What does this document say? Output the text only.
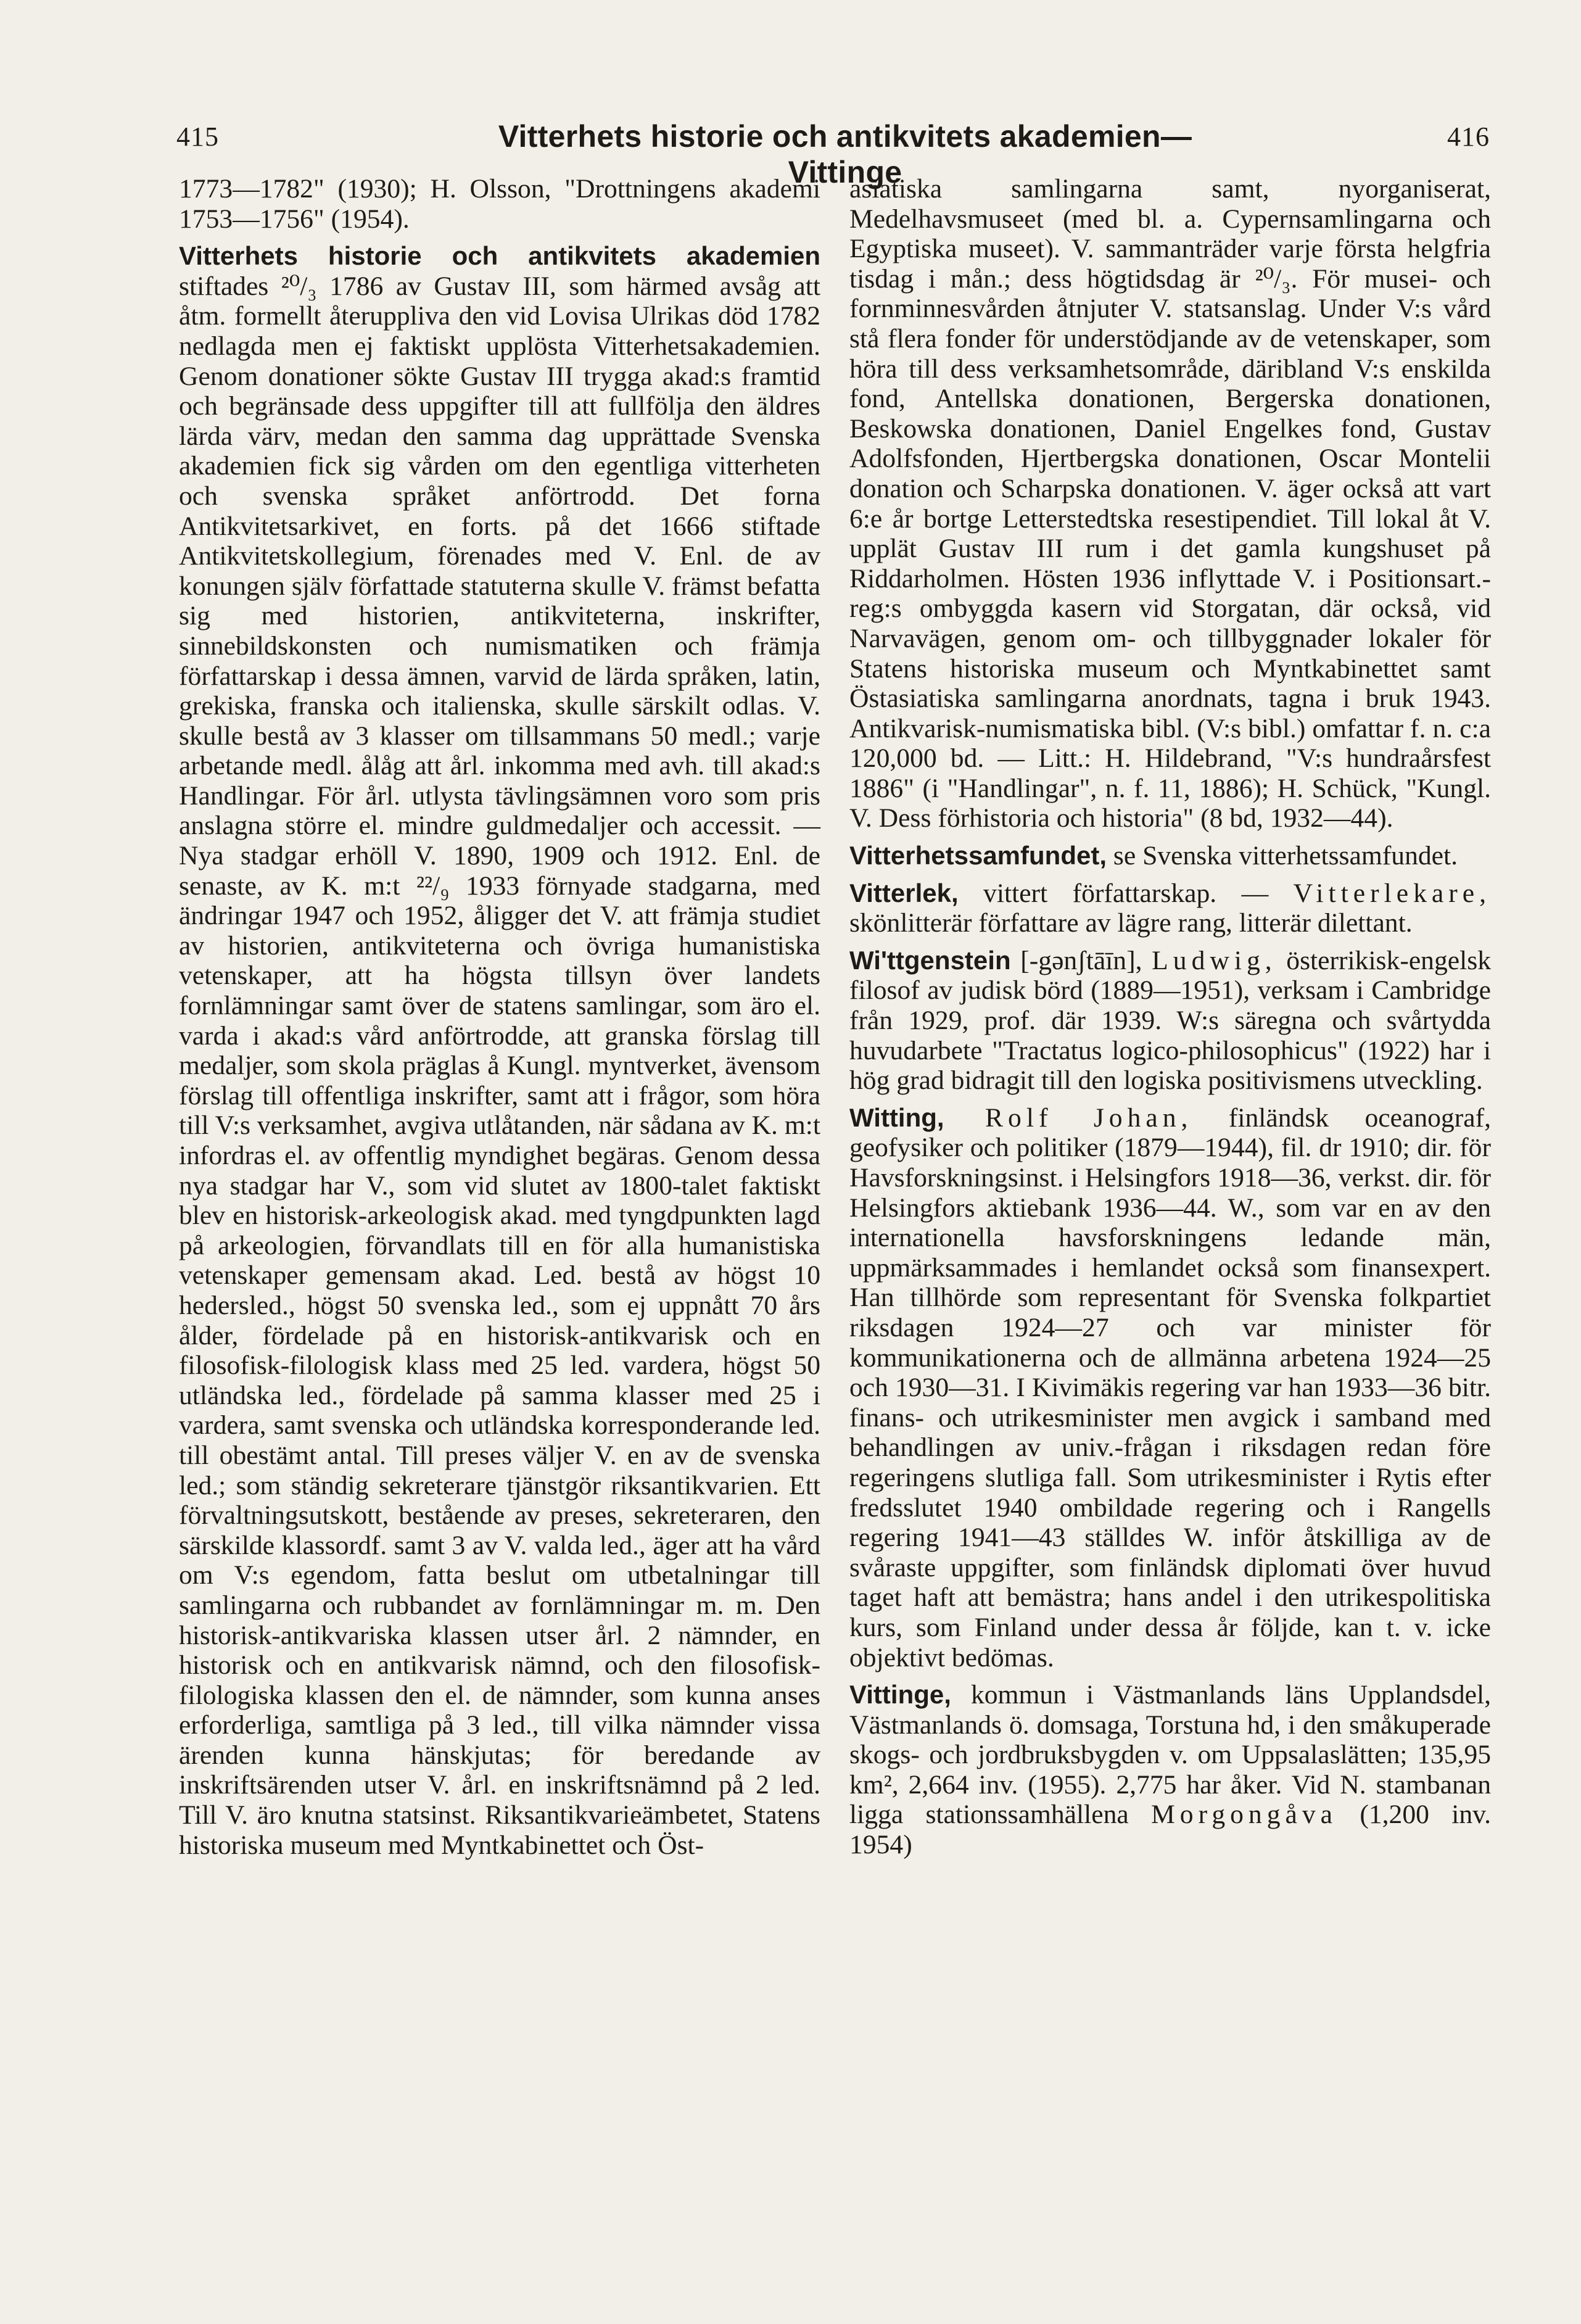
415	Vitterhets historie och antikvitets akademien—Vittinge
416

1773—1782" (1930); H. Olsson, "Drottningens akademi 1753—1756" (1954).

Vitterhets historie och antikvitets akademien stiftades ²⁰/₃ 1786 av Gustav III, som härmed avsåg att åtm. formellt återuppliva den vid Lovisa Ulrikas död 1782 nedlagda men ej faktiskt upplösta Vitterhetsakademien. Genom donationer sökte Gustav III trygga akad:s framtid och begränsade dess uppgifter till att fullfölja den äldres lärda värv, medan den samma dag upprättade Svenska akademien fick sig vården om den egentliga vitterheten och svenska språket anförtrodd. Det forna Antikvitetsarkivet, en forts. på det 1666 stiftade Antikvitetskollegium, förenades med V. Enl. de av konungen själv författade statuterna skulle V. främst befatta sig med historien, antikviteterna, inskrifter, sinnebildskonsten och numismatiken och främja författarskap i dessa ämnen, varvid de lärda språken, latin, grekiska, franska och italienska, skulle särskilt odlas. V. skulle bestå av 3 klasser om tillsammans 50 medl.; varje arbetande medl. ålåg att årl. inkomma med avh. till akad:s Handlingar. För årl. utlysta tävlingsämnen voro som pris anslagna större el. mindre guldmedaljer och accessit. — Nya stadgar erhöll V. 1890, 1909 och 1912. Enl. de senaste, av K. m:t ²²/₉ 1933 förnyade stadgarna, med ändringar 1947 och 1952, åligger det V. att främja studiet av historien, antikviteterna och övriga humanistiska vetenskaper, att ha högsta tillsyn över landets fornlämningar samt över de statens samlingar, som äro el. varda i akad:s vård anförtrodde, att granska förslag till medaljer, som skola präglas å Kungl. myntverket, ävensom förslag till offentliga inskrifter, samt att i frågor, som höra till V:s verksamhet, avgiva utlåtanden, när sådana av K. m:t infordras el. av offentlig myndighet begäras. Genom dessa nya stadgar har V., som vid slutet av 1800-talet faktiskt blev en historisk-arkeologisk akad. med tyngdpunkten lagd på arkeologien, förvandlats till en för alla humanistiska vetenskaper gemensam akad. Led. bestå av högst 10 hedersled., högst 50 svenska led., som ej uppnått 70 års ålder, fördelade på en historisk-antikvarisk och en filosofisk-filologisk klass med 25 led. vardera, högst 50 utländska led., fördelade på samma klasser med 25 i vardera, samt svenska och utländska korresponderande led. till obestämt antal. Till preses väljer V. en av de svenska led.; som ständig sekreterare tjänstgör riksantikvarien. Ett förvaltningsutskott, bestående av preses, sekreteraren, den särskilde klassordf. samt 3 av V. valda led., äger att ha vård om V:s egendom, fatta beslut om utbetalningar till samlingarna och rubbandet av fornlämningar m. m. Den historisk-antikvariska klassen utser årl. 2 nämnder, en historisk och en antikvarisk nämnd, och den filosofisk-filologiska klassen den el. de nämnder, som kunna anses erforderliga, samtliga på 3 led., till vilka nämnder vissa ärenden kunna hänskjutas; för beredande av inskriftsärenden utser V. årl. en inskriftsnämnd på 2 led. Till V. äro knutna statsinst. Riksantikvarieämbetet, Statens historiska museum med Myntkabinettet och Öst-

asiatiska samlingarna samt, nyorganiserat, Medelhavsmuseet (med bl. a. Cypernsamlingarna och Egyptiska museet). V. sammanträder varje första helgfria tisdag i mån.; dess högtidsdag är ²⁰/₃. För musei- och fornminnesvården åtnjuter V. statsanslag. Under V:s vård stå flera fonder för understödjande av de vetenskaper, som höra till dess verksamhetsområde, däribland V:s enskilda fond, Antellska donationen, Bergerska donationen, Beskowska donationen, Daniel Engelkes fond, Gustav Adolfsfonden, Hjertbergska donationen, Oscar Montelii donation och Scharpska donationen. V. äger också att vart 6:e år bortge Letterstedtska resestipendiet. Till lokal åt V. upplät Gustav III rum i det gamla kungshuset på Riddarholmen. Hösten 1936 inflyttade V. i Positionsart.-reg:s ombyggda kasern vid Storgatan, där också, vid Narvavägen, genom om- och tillbyggnader lokaler för Statens historiska museum och Myntkabinettet samt Östasiatiska samlingarna anordnats, tagna i bruk 1943. Antikvarisk-numismatiska bibl. (V:s bibl.) omfattar f. n. c:a 120,000 bd. — Litt.: H. Hildebrand, "V:s hundraårsfest 1886" (i "Handlingar", n. f. 11, 1886); H. Schück, "Kungl. V. Dess förhistoria och historia" (8 bd, 1932—44).

Vitterhetssamfundet, se Svenska vitterhetssamfundet.

Vitterlek, vittert författarskap. — Vitterlekare, skönlitterär författare av lägre rang, litterär dilettant.

Wi'ttgenstein [-gənʃtāīn], Ludwig, österrikisk-engelsk filosof av judisk börd (1889—1951), verksam i Cambridge från 1929, prof. där 1939. W:s säregna och svårtydda huvudarbete "Tractatus logico-philosophicus" (1922) har i hög grad bidragit till den logiska positivismens utveckling.

Witting, Rolf Johan, finländsk oceanograf, geofysiker och politiker (1879—1944), fil. dr 1910; dir. för Havsforskningsinst. i Helsingfors 1918—36, verkst. dir. för Helsingfors aktiebank 1936—44. W., som var en av den internationella havsforskningens ledande män, uppmärksammades i hemlandet också som finansexpert. Han tillhörde som representant för Svenska folkpartiet riksdagen 1924—27 och var minister för kommunikationerna och de allmänna arbetena 1924—25 och 1930—31. I Kivimäkis regering var han 1933—36 bitr. finans- och utrikesminister men avgick i samband med behandlingen av univ.-frågan i riksdagen redan före regeringens slutliga fall. Som utrikesminister i Rytis efter fredsslutet 1940 ombildade regering och i Rangells regering 1941—43 ställdes W. inför åtskilliga av de svåraste uppgifter, som finländsk diplomati över huvud taget haft att bemästra; hans andel i den utrikespolitiska kurs, som Finland under dessa år följde, kan t. v. icke objektivt bedömas.

Vittinge, kommun i Västmanlands läns Upplandsdel, Västmanlands ö. domsaga, Torstuna hd, i den småkuperade skogs- och jordbruksbygden v. om Uppsalaslätten; 135,95 km², 2,664 inv. (1955). 2,775 har åker. Vid N. stambanan ligga stationssamhällena Morgongåva (1,200 inv. 1954)
